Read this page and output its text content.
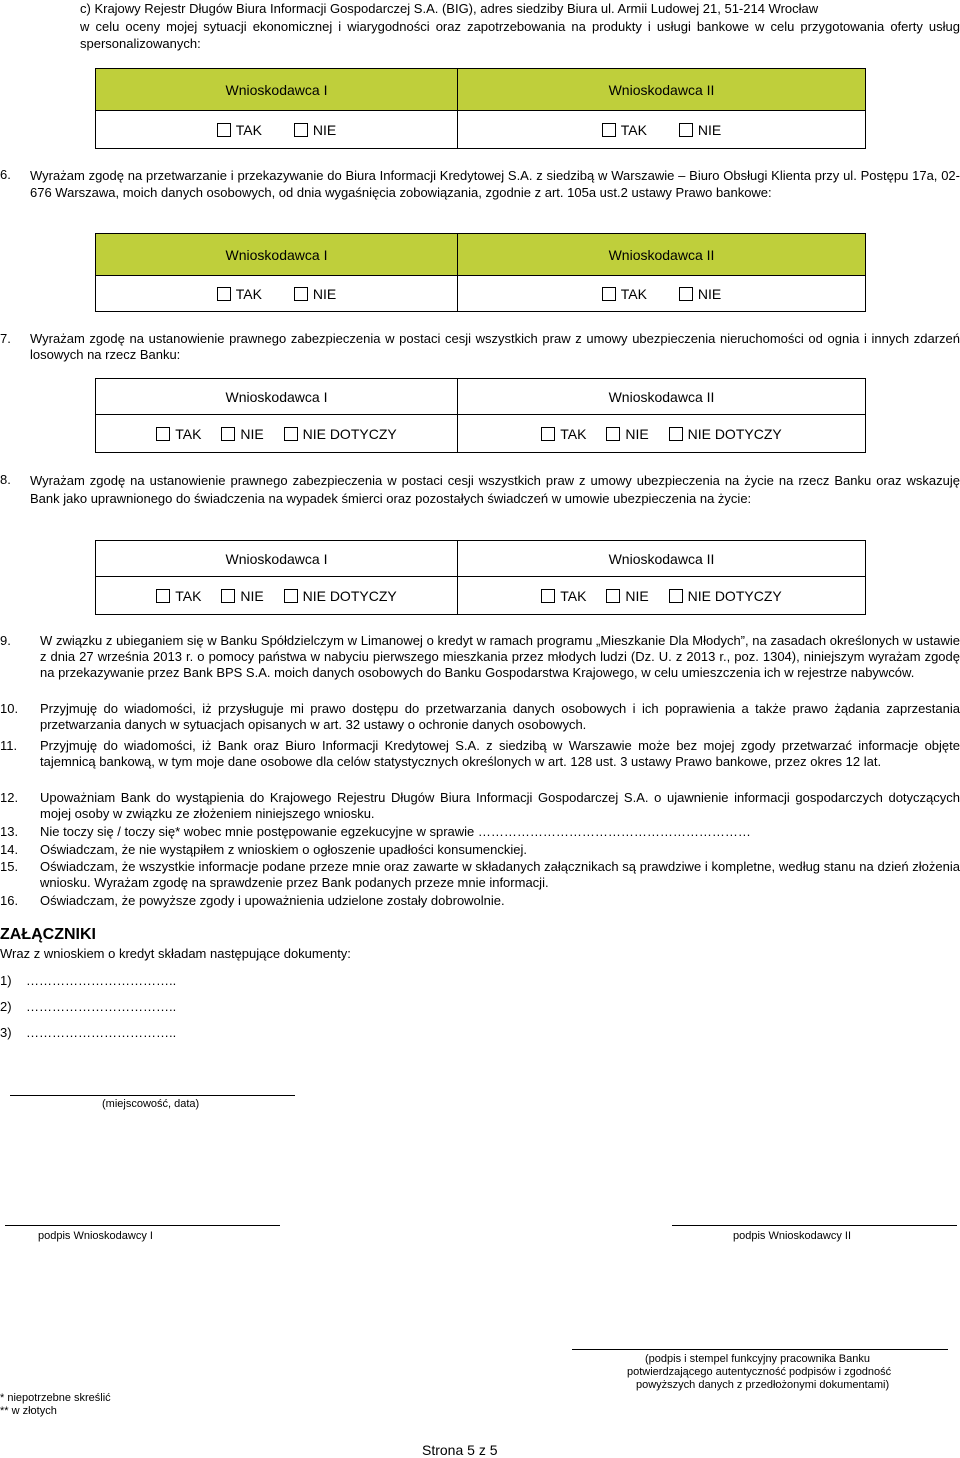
c) Krajowy Rejestr Długów Biura Informacji Gospodarczej S.A. (BIG), adres siedziby Biura ul. Armii Ludowej 21, 51-214 Wrocław
w celu oceny mojej sytuacji ekonomicznej i wiarygodności oraz zapotrzebowania na produkty i usługi bankowe w celu przygotowania oferty usług spersonalizowanych:
Wnioskodawca I	Wnioskodawca II
TAK NIE	TAK NIE
6. Wyrażam zgodę na przetwarzanie i przekazywanie do Biura Informacji Kredytowej S.A. z siedzibą w Warszawie – Biuro Obsługi Klienta przy ul. Postępu 17a, 02-676 Warszawa, moich danych osobowych, od dnia wygaśnięcia zobowiązania, zgodnie z art. 105a ust.2 ustawy Prawo bankowe:
Wnioskodawca I	Wnioskodawca II
TAK NIE	TAK NIE
7. Wyrażam zgodę na ustanowienie prawnego zabezpieczenia w postaci cesji wszystkich praw z umowy ubezpieczenia nieruchomości od ognia i innych zdarzeń losowych na rzecz Banku:
Wnioskodawca I	Wnioskodawca II
TAK NIE NIE DOTYCZY	TAK NIE NIE DOTYCZY
8. Wyrażam zgodę na ustanowienie prawnego zabezpieczenia w postaci cesji wszystkich praw z umowy ubezpieczenia na życie na rzecz Banku oraz wskazuję Bank jako uprawnionego do świadczenia na wypadek śmierci oraz pozostałych świadczeń w umowie ubezpieczenia na życie:
Wnioskodawca I	Wnioskodawca II
TAK NIE NIE DOTYCZY	TAK NIE NIE DOTYCZY
9.	W związku z ubieganiem się w Banku Spółdzielczym w Limanowej o kredyt w ramach programu „Mieszkanie Dla Młodych”, na zasadach określonych w ustawie z dnia 27 września 2013 r. o pomocy państwa w nabyciu pierwszego mieszkania przez młodych ludzi (Dz. U. z 2013 r., poz. 1304), niniejszym wyrażam zgodę na przekazywanie przez Bank BPS S.A. moich danych osobowych do Banku Gospodarstwa Krajowego, w celu umieszczenia ich w rejestrze nabywców.
10.	Przyjmuję do wiadomości, iż przysługuje mi prawo dostępu do przetwarzania danych osobowych i ich poprawienia a także prawo żądania zaprzestania przetwarzania danych w sytuacjach opisanych w art. 32 ustawy o ochronie danych osobowych.
11.	Przyjmuję do wiadomości, iż Bank oraz Biuro Informacji Kredytowej S.A. z siedzibą w Warszawie może bez mojej zgody przetwarzać informacje objęte tajemnicą bankową, w tym moje dane osobowe dla celów statystycznych określonych w art. 128 ust. 3 ustawy Prawo bankowe, przez okres 12 lat.
12.	Upoważniam Bank do wystąpienia do Krajowego Rejestru Długów Biura Informacji Gospodarczej S.A. o ujawnienie informacji gospodarczych dotyczących mojej osoby w związku ze złożeniem niniejszego wniosku.
13.	Nie toczy się / toczy się* wobec mnie postępowanie egzekucyjne w sprawie ………………………………………………………
14.	Oświadczam, że nie wystąpiłem z wnioskiem o ogłoszenie upadłości konsumenckiej.
15.	Oświadczam, że wszystkie informacje podane przeze mnie oraz zawarte w składanych załącznikach są prawdziwe i kompletne, według stanu na dzień złożenia wniosku. Wyrażam zgodę na sprawdzenie przez Bank podanych przeze mnie informacji.
16.	Oświadczam, że powyższe zgody i upoważnienia udzielone zostały dobrowolnie.
ZAŁĄCZNIKI
Wraz z wnioskiem o kredyt składam następujące dokumenty:
1)    ……………………………..
2)    ……………………………..
3)    ……………………………..
(miejscowość, data)
podpis Wnioskodawcy I	podpis Wnioskodawcy II
(podpis i stempel funkcyjny pracownika Banku
potwierdzającego autentyczność podpisów i zgodność
powyższych danych z przedłożonymi dokumentami)
* niepotrzebne skreślić
** w złotych
Strona 5 z 5
